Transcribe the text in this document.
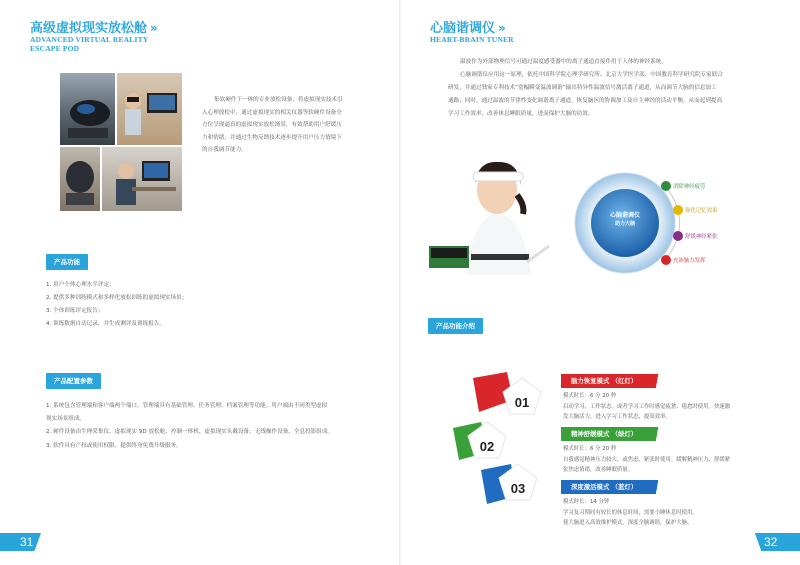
高级虚拟现实放松舱 »
ADVANCED VIRTUAL REALITY
ESCAPE POD
集软硬件于一体的专业放松设备，将虚拟现实技术引
入心理放松中，通过虚拟现实的相关仪器等软硬件设备全
方位呈现逼真的虚拟现实放松场景，有效帮助用户舒缓压
力和情绪，并通过生物反馈技术逐步提升用户压力情境下
的自我调节能力。
产品功能
1. 用户个体心理水平评定；
2. 提供多种训练模式和多样化放松训练的虚拟现实场景；
3. 个体训练评定报告；
4. 训练数据自动记录，并生成测评及训练报告。
产品配置参数
1. 系统包含管理端和客户端两个端口。管理端具有基础管理、任务管理、档案管理等功能。用户端由不同类型虚拟
现实场景组成。
2. 硬件设备由生理采集仪、虚拟现实 9D 放松舱、控制一体机、虚拟现实头戴设备、无线操作设备、全息投影组成。
3. 软件具有产权或使用权限。提供终身免费升级服务。
31
心脑谐调仪 »
HEART-BRAIN TUNER
温波作为外部物理信号可通过温度感受器中的离子通道直接作用于人体的神经系统。
心脑调谐仪应用这一原理，依托中国科学院心理学研究所、北京大学医学部、中国教育科学研究院专家联合
研发，并通过独家专利技术“宽幅瞬变温波调谐”输出特异性温波信号激活离子通道，从而调节大脑的信息加工
通路；同时，通过温波的节律性变化调谐离子通道，恢复脑区的协调加工及自主神经的活动平衡，从而起到提高
学习工作效率、改善休息睡眠质量、进而保护大脑的功效。
心脑谐调仪
助力大脑
消除神经疲劳
强化记忆效果
舒缓神经紧张
充沛脑力发挥
产品功能介绍
01
02
03
脑力恢复模式 （红灯）
模式时长：6 分 20 秒
启动学习、工作状态。或者学习工作时感觉疲惫、倦怠时使用。快速激
发大脑活力，进入学习工作状态，提高效率。
精神舒缓模式 （绿灯）
模式时长：6 分 20 秒
自我感觉精神压力较大、或焦虑、紧张时使用。缓解精神压力、舒缓紧
张焦虑情绪，改善睡眠质量。
深度激活模式 （蓝灯）
模式时长：14 分钟
学习复习期间有较长的休息时间，需要小睡休息时使用。
使大脑进入高效维护模式，深度全脑调谐，保护大脑。
32
